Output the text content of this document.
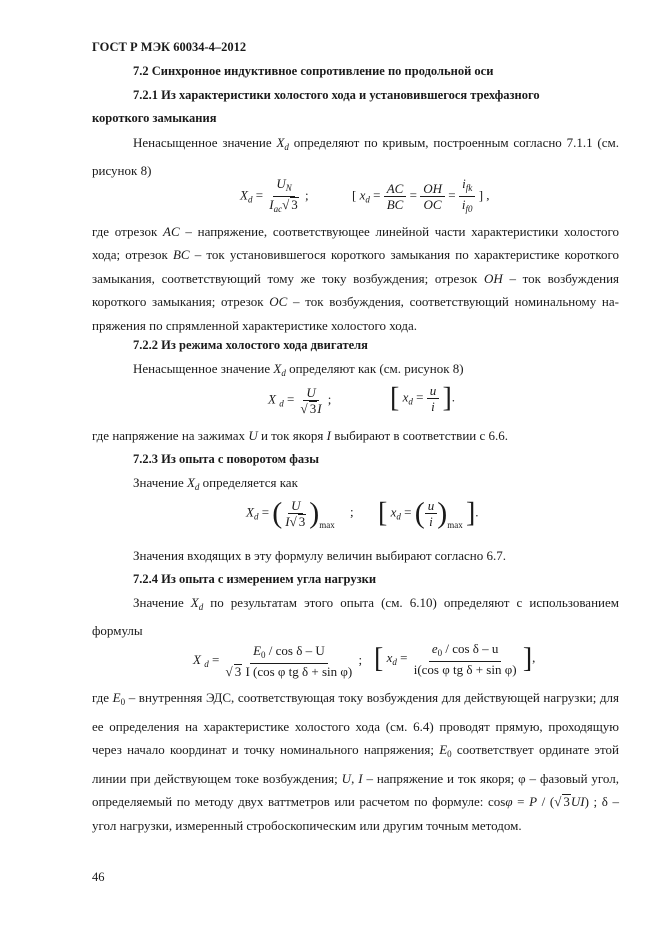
ГОСТ Р МЭК 60034-4–2012
7.2 Синхронное индуктивное сопротивление по продольной оси
7.2.1 Из характеристики холостого хода и установившегося трехфазного
короткого замыкания
Ненасыщенное значение $X_d$ определяют по кривым, построенным согласно 7.1.1 (см. рисунок 8)
$X_d = \frac{U_N}{I_{ac}√ 3}$ ;	[ $x_d = \frac{AC}{BC} = \frac{OH}{OC} = \frac{i_{fk}}{i_{f0}}$ ] ,
где отрезок AC – напряжение, соответствующее линейной части характеристики холостого хода; отрезок BC – ток установившегося короткого замыкания по характеристике короткого замыкания, соответствующий тому же току возбуждения; отрезок OH – ток возбуждения короткого замыкания; отрезок OC – ток возбуждения, соответствующий номинальному напряжения по спрямленной характеристике холостого хода.
7.2.2 Из режима холостого хода двигателя
Ненасыщенное значение $X_d$ определяют как (см. рисунок 8)
X $_d = \frac{U}{√ 3I}$ ; [ $x_d = \frac{u}{i}$ ].
где напряжение на зажимах U и ток якоря I выбирают в соответствии с 6.6.
7.2.3 Из опыта с поворотом фазы
Значение $X_d$ определяется как
$X_d$ = ( $\frac{U}{I√ 3} )_{max}$ ; [ $x_d$ = ( $\frac{u}{i} )_{max}$ ].
Значения входящих в эту формулу величин выбирают согласно 6.7.
7.2.4 Из опыта с измерением угла нагрузки
Значение $X_d$ по результатам этого опыта (см. 6.10) определяют с использованием формулы
X $_d = \frac{E_0 / \cos \delta - U}{\text{√ 3 I (cos φ tg δ + sin φ)}}$ ; [ $x_d = \frac{e_0 / \cos \delta - u}{\text{i(cos φ tg δ + sin φ)}}$ ],
где $E_0$ – внутренняя ЭДС, соответствующая току возбуждения для действующей нагрузки; для ее определения на характеристике холостого хода (см. 6.4) проводят прямую, проходящую через начало координат и точку номинального напряжения; $E_0$ соответствует ординате этой линии при действующем токе возбуждения; U, I – напряжение и ток якоря; φ – фазовый угол, определяемый по методу двух ваттметров или расчетом по формуле: cosφ = P / (√ 3UI) ; δ – угол нагрузки, измеренный стробоскопическим или другим точным методом.
46
